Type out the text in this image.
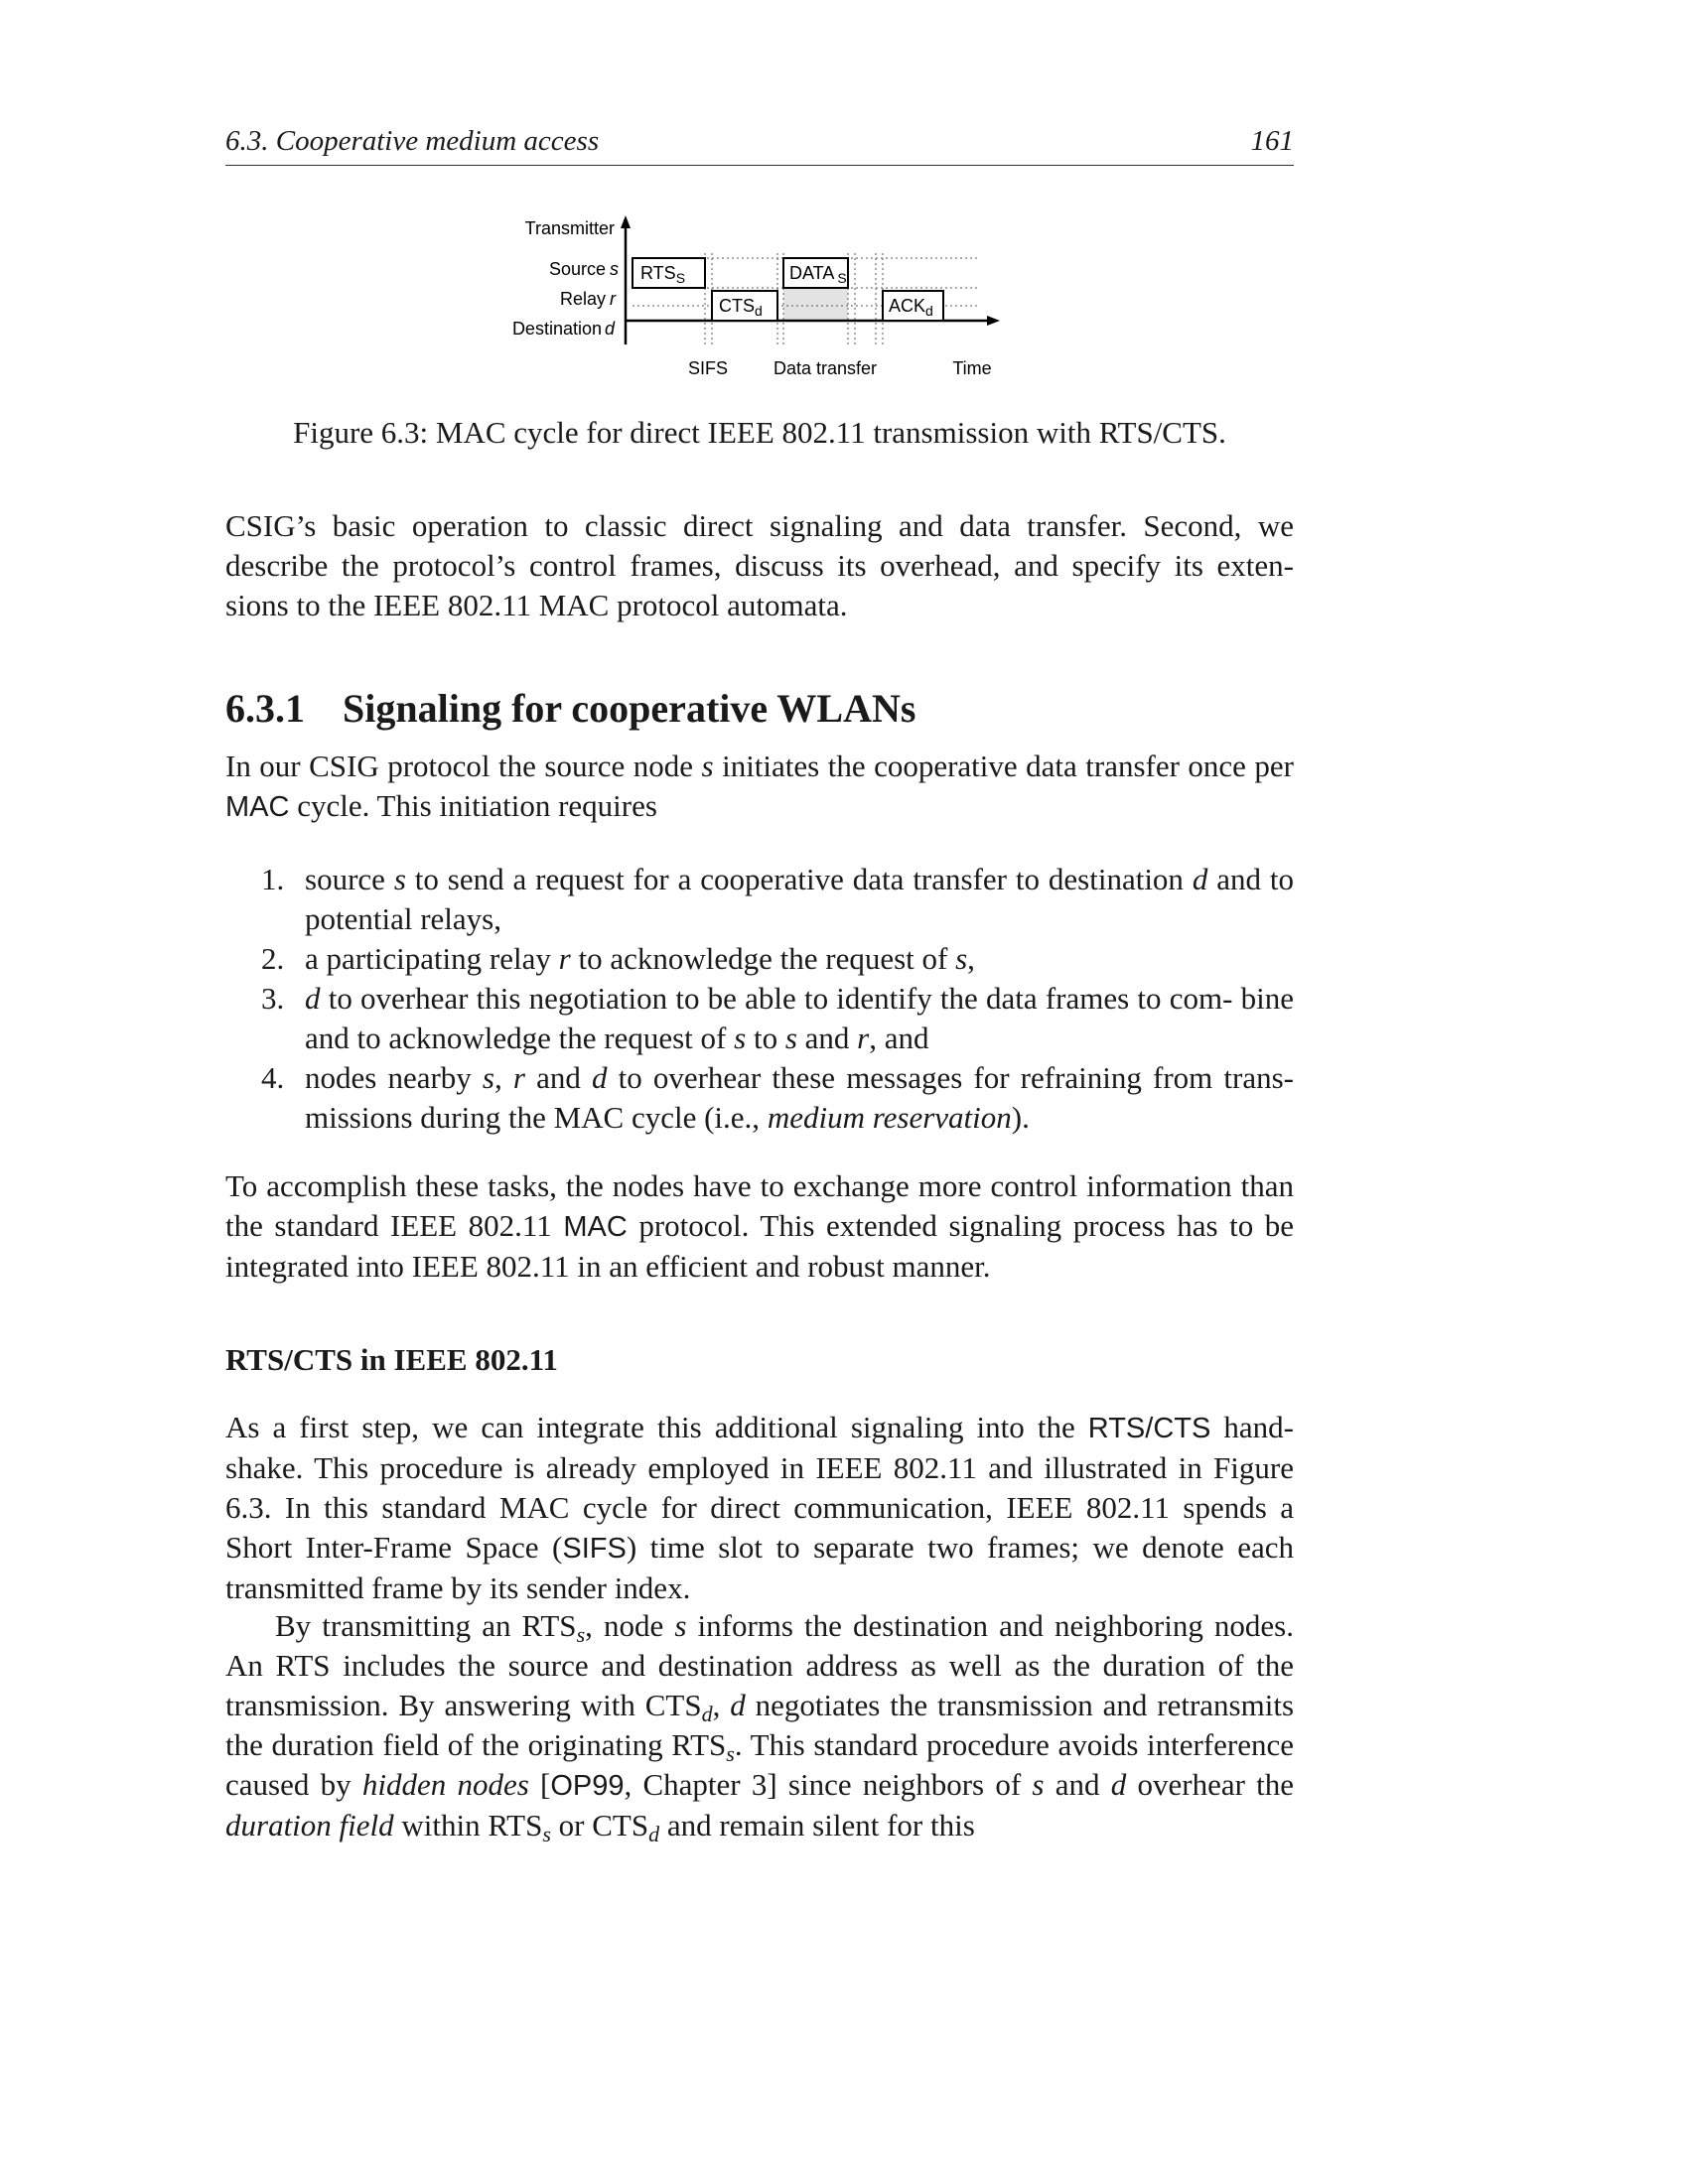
6.3. Cooperative medium access	161
Transmitter
Source s
Relay r
Destination d
$RTS_S$	DATA $_S$
$CTS_d$	$ACK_d$
SIFS	Data transfer	Time
Figure 6.3: MAC cycle for direct IEEE 802.11 transmission with RTS/CTS.
CSIG’s basic operation to classic direct signaling and data transfer. Second, we
describe the protocol’s control frames, discuss its overhead, and specify its exten-
sions to the IEEE 802.11 MAC protocol automata.
6.3.1 Signaling for cooperative WLANs

In our CSIG protocol the source node s initiates the cooperative data transfer once per MAC cycle. This initiation requires

1. source s to send a request for a cooperative data transfer to destination d and to potential relays,
2. a participating relay r to acknowledge the request of s,
3. d to overhear this negotiation to be able to identify the data frames to com- bine and to acknowledge the request of s to s and r, and
4. nodes nearby s, r and d to overhear these messages for refraining from trans- missions during the MAC cycle (i.e., medium reservation).

To accomplish these tasks, the nodes have to exchange more control information than the standard IEEE 802.11 MAC protocol. This extended signaling process has to be integrated into IEEE 802.11 in an efficient and robust manner.

RTS/CTS in IEEE 802.11

As a first step, we can integrate this additional signaling into the RTS/CTS hand- shake. This procedure is already employed in IEEE 802.11 and illustrated in Figure 6.3. In this standard MAC cycle for direct communication, IEEE 802.11 spends a Short Inter-Frame Space (SIFS) time slot to separate two frames; we denote each transmitted frame by its sender index.

By transmitting an $RTS_s$, node s informs the destination and neighboring nodes. An RTS includes the source and destination address as well as the duration of the transmission. By answering with $CTS_d$, d negotiates the transmission and retransmits the duration field of the originating $RTS_s$. This standard procedure avoids interference caused by hidden nodes [OP99, Chapter 3] since neighbors of s and d overhear the duration field within $RTS_s$ or $CTS_d$ and remain silent for this
